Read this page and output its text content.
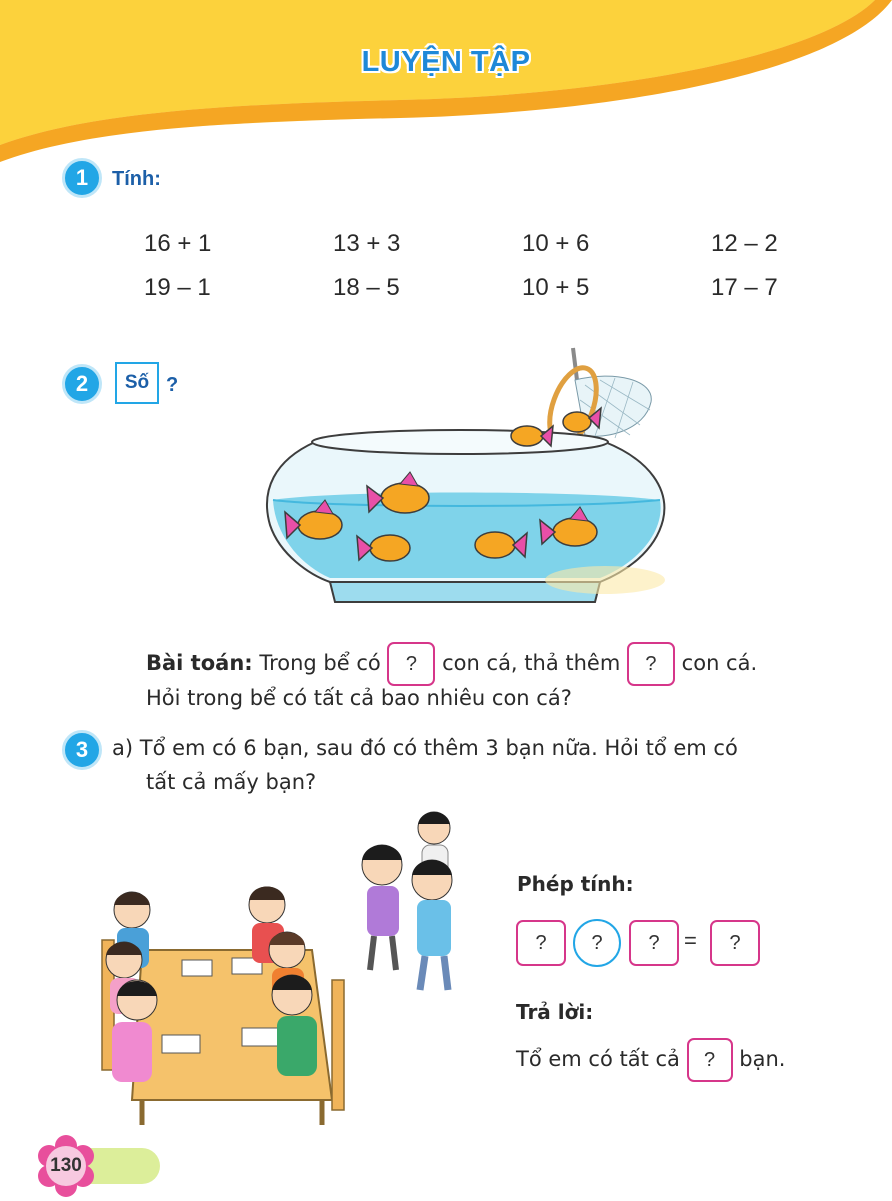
LUYỆN TẬP
1	Tính:
16 + 1	13 + 3	10 + 6	12 – 2
19 – 1	18 – 5	10 + 5	17 – 7
2	Số ?
Bài toán: Trong bể có ? con cá, thả thêm ? con cá.
Hỏi trong bể có tất cả bao nhiêu con cá?
3	a) Tổ em có 6 bạn, sau đó có thêm 3 bạn nữa. Hỏi tổ em có
tất cả mấy bạn?
Phép tính:
?	?	?	=	?
Trả lời:
Tổ em có tất cả ? bạn.
130
